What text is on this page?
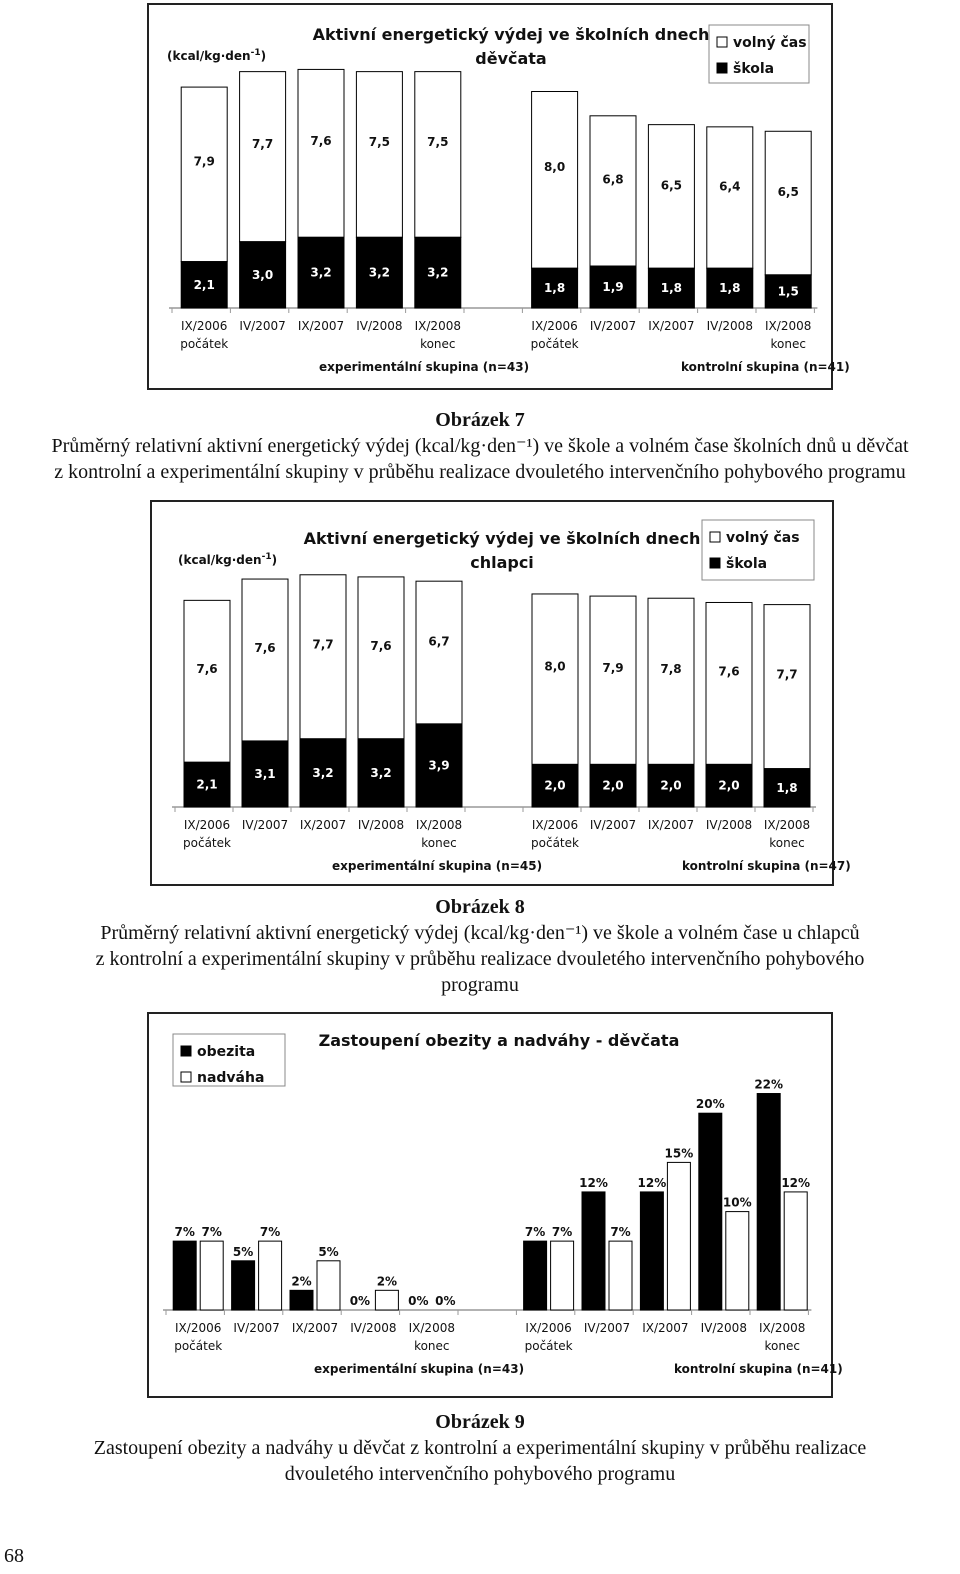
Aktivní energetický výdej ve školních dnech
děvčata
(kcal/kg·den$^{-1}$)
volný čas
škola
7,9
2,1
IX/2006
počátek
7,7
3,0
IV/2007
7,6
3,2
IX/2007
7,5
3,2
IV/2008
7,5
3,2
IX/2008
konec
8,0
1,8
IX/2006
počátek
6,8
1,9
IV/2007
6,5
1,8
IX/2007
6,4
1,8
IV/2008
6,5
1,5
IX/2008
konec
experimentální skupina (n=43)	kontrolní skupina (n=41)
Obrázek 7
Průměrný relativní aktivní energetický výdej (kcal/kg·den⁻¹) ve škole a volném čase školních dnů u děvčat
z kontrolní a experimentální skupiny v průběhu realizace dvouletého intervenčního pohybového programu
Aktivní energetický výdej ve školních dnech
chlapci
(kcal/kg·den$^{-1}$)
volný čas
škola
7,6
2,1
IX/2006
počátek
7,6
3,1
IV/2007
7,7
3,2
IX/2007
7,6
3,2
IV/2008
6,7
3,9
IX/2008
konec
8,0
2,0
IX/2006
počátek
7,9
2,0
IV/2007
7,8
2,0
IX/2007
7,6
2,0
IV/2008
7,7
1,8
IX/2008
konec
experimentální skupina (n=45)	kontrolní skupina (n=47)
Obrázek 8
Průměrný relativní aktivní energetický výdej (kcal/kg·den⁻¹) ve škole a volném čase u chlapců
z kontrolní a experimentální skupiny v průběhu realizace dvouletého intervenčního pohybového
programu
Zastoupení obezity a nadváhy - děvčata
obezita
nadváha
7% 7%
IX/2006
počátek
5%
7%
IV/2007
2%
5%
IX/2007
0%
2%
IV/2008
0% 0%
IX/2008
konec
7% 7%
IX/2006
počátek
12%
7%
IV/2007
12%
15%
IX/2007
20%
10%
IV/2008
22%
12%
IX/2008
konec
experimentální skupina (n=43)	kontrolní skupina (n=41)
Obrázek 9
Zastoupení obezity a nadváhy u děvčat z kontrolní a experimentální skupiny v průběhu realizace
dvouletého intervenčního pohybového programu
68
